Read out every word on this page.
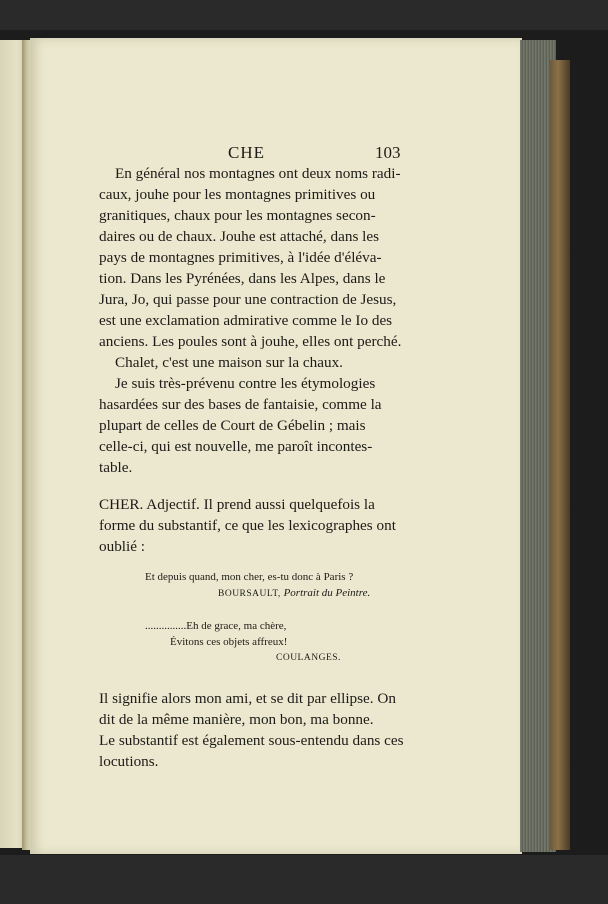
CHE	103
En général nos montagnes ont deux noms radi-
caux, jouhe pour les montagnes primitives ou
granitiques, chaux pour les montagnes secon-
daires ou de chaux. Jouhe est attaché, dans les
pays de montagnes primitives, à l'idée d'éléva-
tion. Dans les Pyrénées, dans les Alpes, dans le
Jura, Jo, qui passe pour une contraction de Jesus,
est une exclamation admirative comme le Io des
anciens. Les poules sont à jouhe, elles ont perché.
Chalet, c'est une maison sur la chaux.
Je suis très-prévenu contre les étymologies
hasardées sur des bases de fantaisie, comme la
plupart de celles de Court de Gébelin ; mais
celle-ci, qui est nouvelle, me paroît incontes-
table.
CHER. Adjectif. Il prend aussi quelquefois la
forme du substantif, ce que les lexicographes ont
oublié :
Et depuis quand, mon cher, es-tu donc à Paris ?
BOURSAULT, Portrait du Peintre.
...............Eh de grace, ma chère,
Évitons ces objets affreux!
COULANGES.
Il signifie alors mon ami, et se dit par ellipse. On
dit de la même manière, mon bon, ma bonne.
Le substantif est également sous-entendu dans ces
locutions.
